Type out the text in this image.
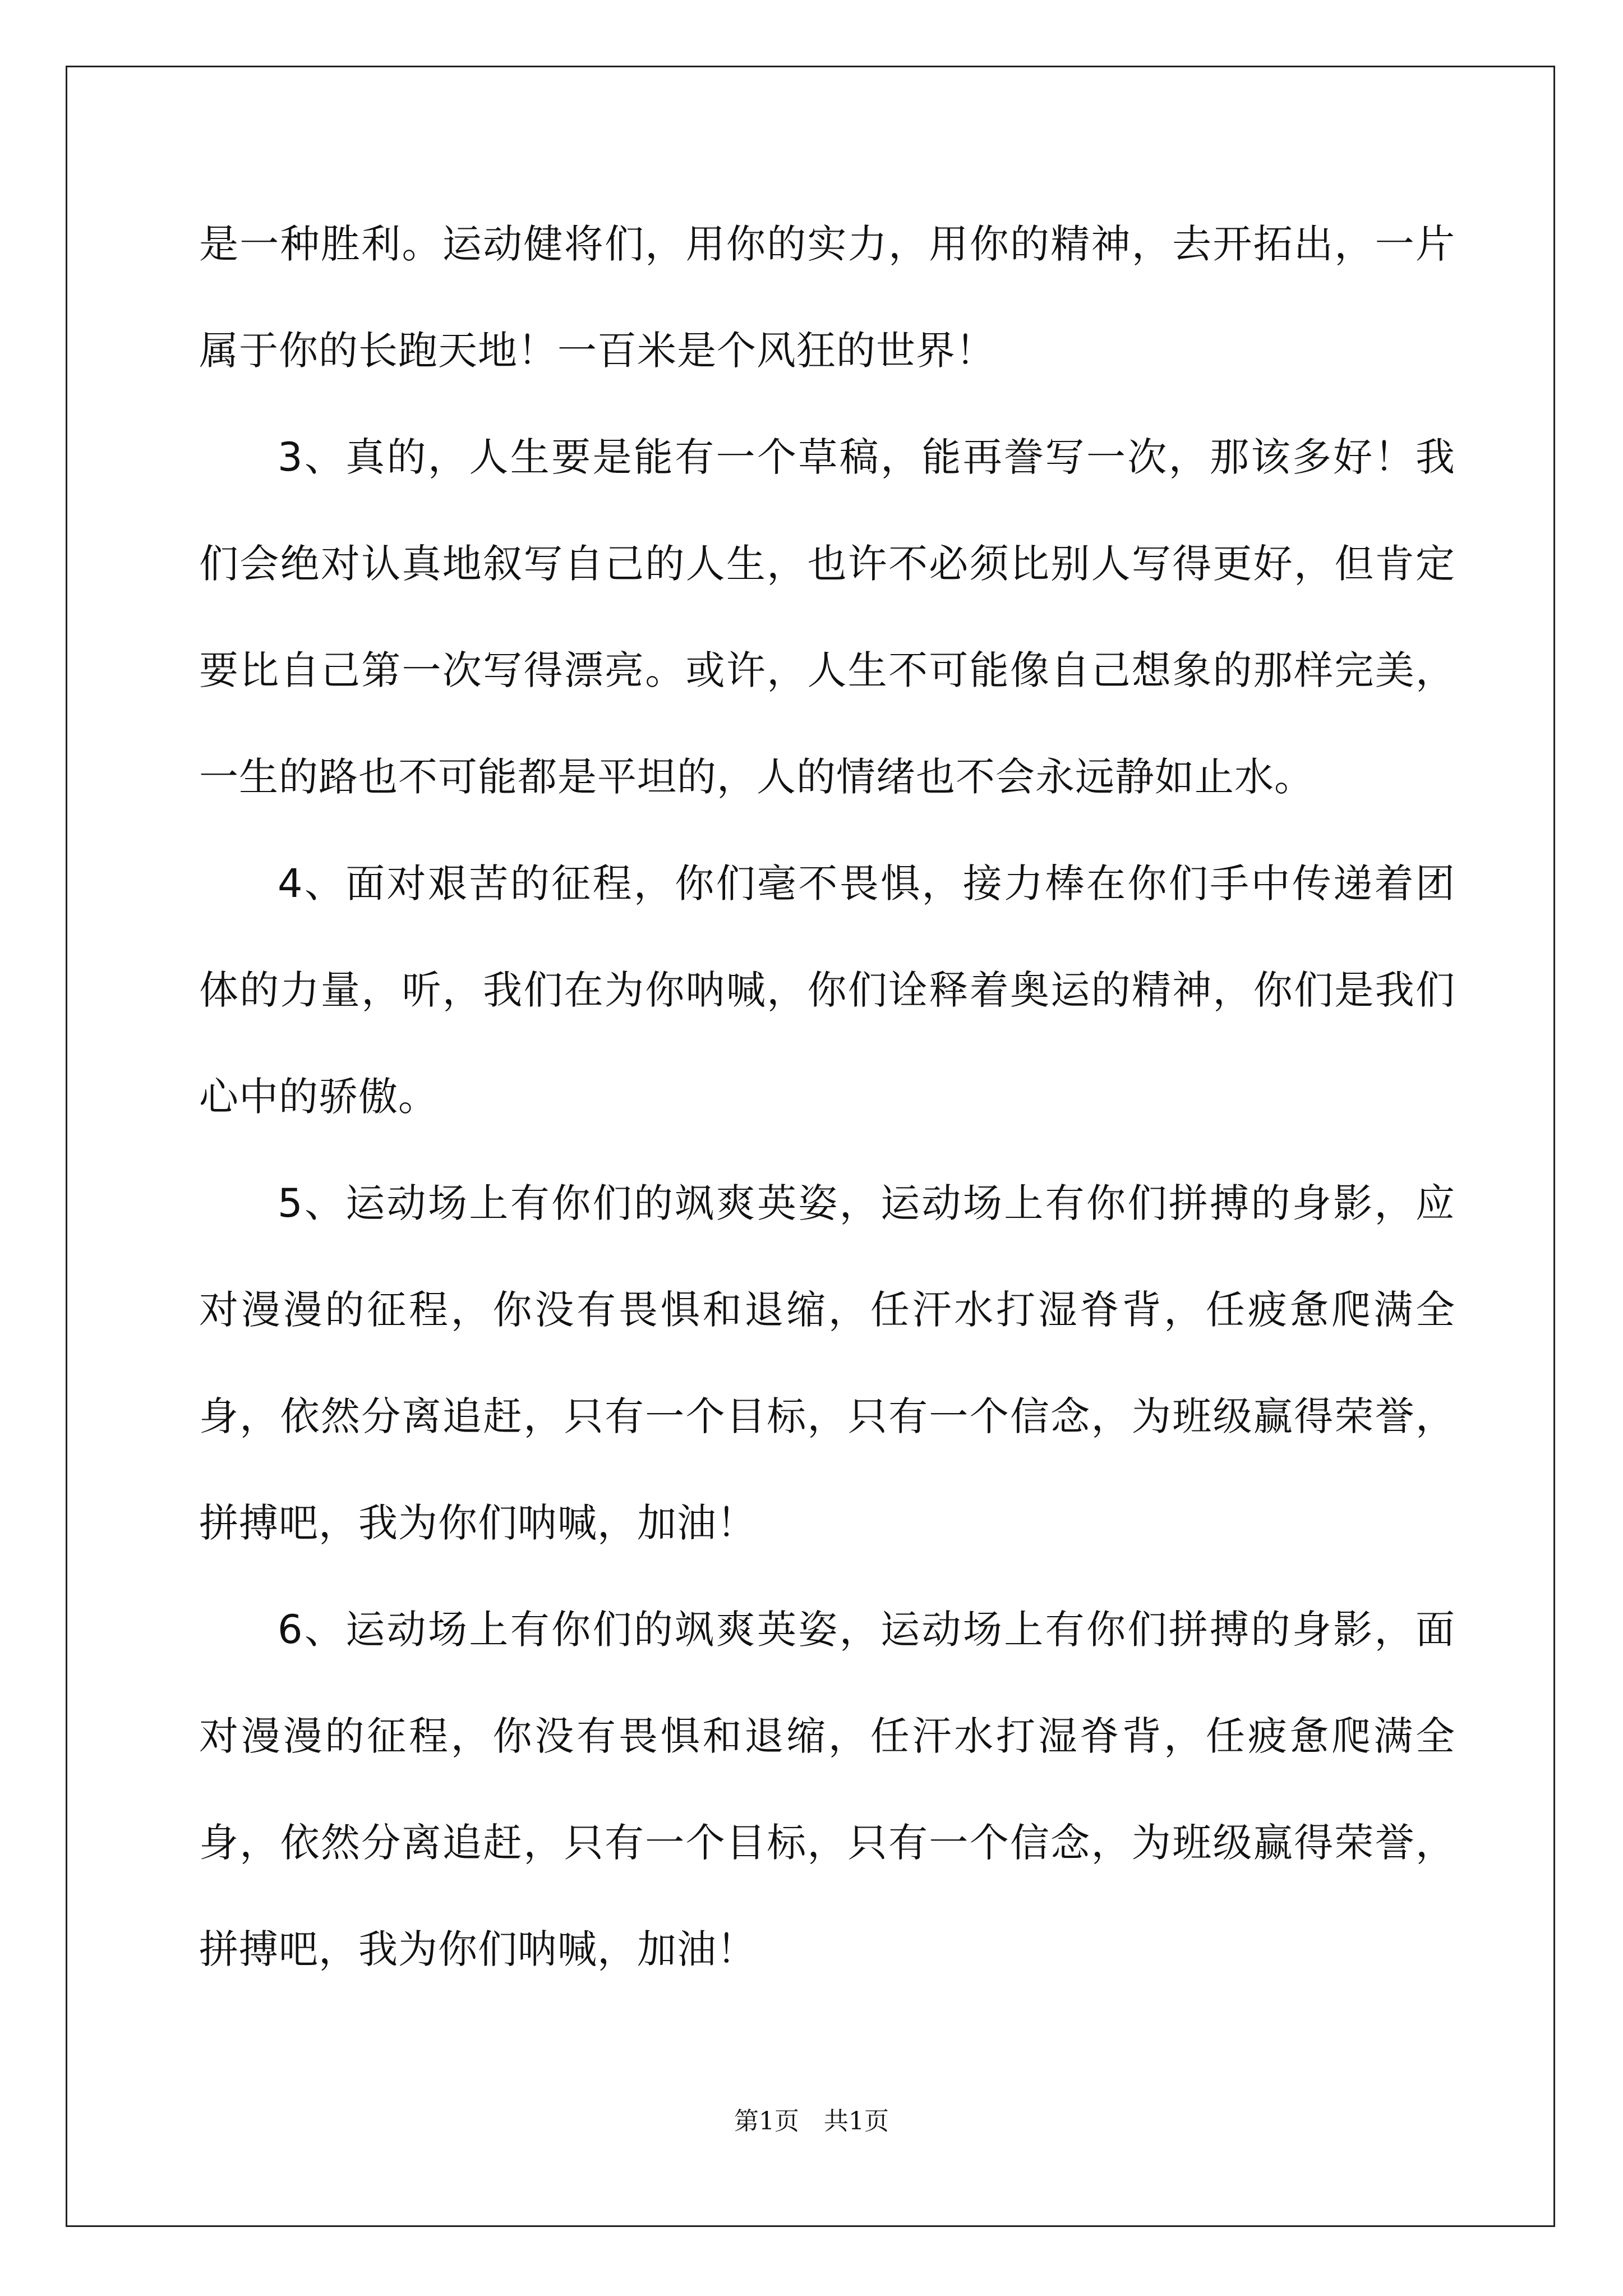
是一种胜利。运动健将们，用你的实力，用你的精神，去开拓出，一片属于你的长跑天地！一百米是个风狂的世界！

3、真的，人生要是能有一个草稿，能再誊写一次，那该多好！我们会绝对认真地叙写自己的人生，也许不必须比别人写得更好，但肯定要比自己第一次写得漂亮。或许，人生不可能像自己想象的那样完美，一生的路也不可能都是平坦的，人的情绪也不会永远静如止水。

4、面对艰苦的征程，你们毫不畏惧，接力棒在你们手中传递着团体的力量，听，我们在为你呐喊，你们诠释着奥运的精神，你们是我们心中的骄傲。

5、运动场上有你们的飒爽英姿，运动场上有你们拼搏的身影，应对漫漫的征程，你没有畏惧和退缩，任汗水打湿脊背，任疲惫爬满全身，依然分离追赶，只有一个目标，只有一个信念，为班级赢得荣誉，拼搏吧，我为你们呐喊，加油！

6、运动场上有你们的飒爽英姿，运动场上有你们拼搏的身影，面对漫漫的征程，你没有畏惧和退缩，任汗水打湿脊背，任疲惫爬满全身，依然分离追赶，只有一个目标，只有一个信念，为班级赢得荣誉，拼搏吧，我为你们呐喊，加油！

第1页　共1页
